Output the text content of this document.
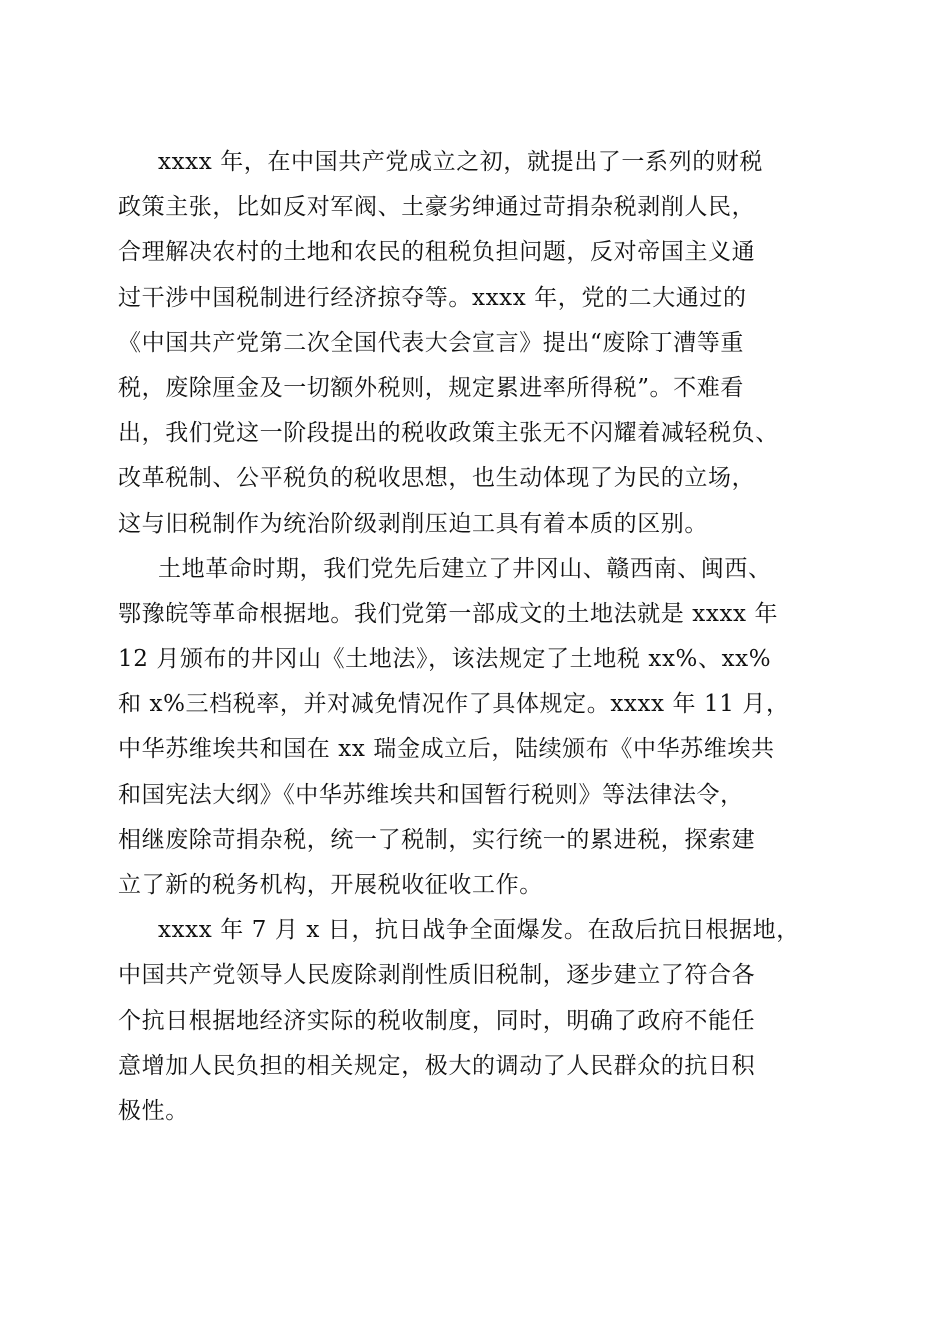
xxxx 年，在中国共产党成立之初，就提出了一系列的财税
政策主张，比如反对军阀、土豪劣绅通过苛捐杂税剥削人民，
合理解决农村的土地和农民的租税负担问题，反对帝国主义通
过干涉中国税制进行经济掠夺等。xxxx 年，党的二大通过的
《中国共产党第二次全国代表大会宣言》提出“废除丁漕等重
税，废除厘金及一切额外税则，规定累进率所得税”。不难看
出，我们党这一阶段提出的税收政策主张无不闪耀着减轻税负、
改革税制、公平税负的税收思想，也生动体现了为民的立场，
这与旧税制作为统治阶级剥削压迫工具有着本质的区别。
土地革命时期，我们党先后建立了井冈山、赣西南、闽西、
鄂豫皖等革命根据地。我们党第一部成文的土地法就是 xxxx 年
12 月颁布的井冈山《土地法》，该法规定了土地税 xx%、xx%
和 x%三档税率，并对减免情况作了具体规定。xxxx 年 11 月，
中华苏维埃共和国在 xx 瑞金成立后，陆续颁布《中华苏维埃共
和国宪法大纲》《中华苏维埃共和国暂行税则》等法律法令，
相继废除苛捐杂税，统一了税制，实行统一的累进税，探索建
立了新的税务机构，开展税收征收工作。
xxxx 年 7 月 x 日，抗日战争全面爆发。在敌后抗日根据地，
中国共产党领导人民废除剥削性质旧税制，逐步建立了符合各
个抗日根据地经济实际的税收制度，同时，明确了政府不能任
意增加人民负担的相关规定，极大的调动了人民群众的抗日积
极性。
